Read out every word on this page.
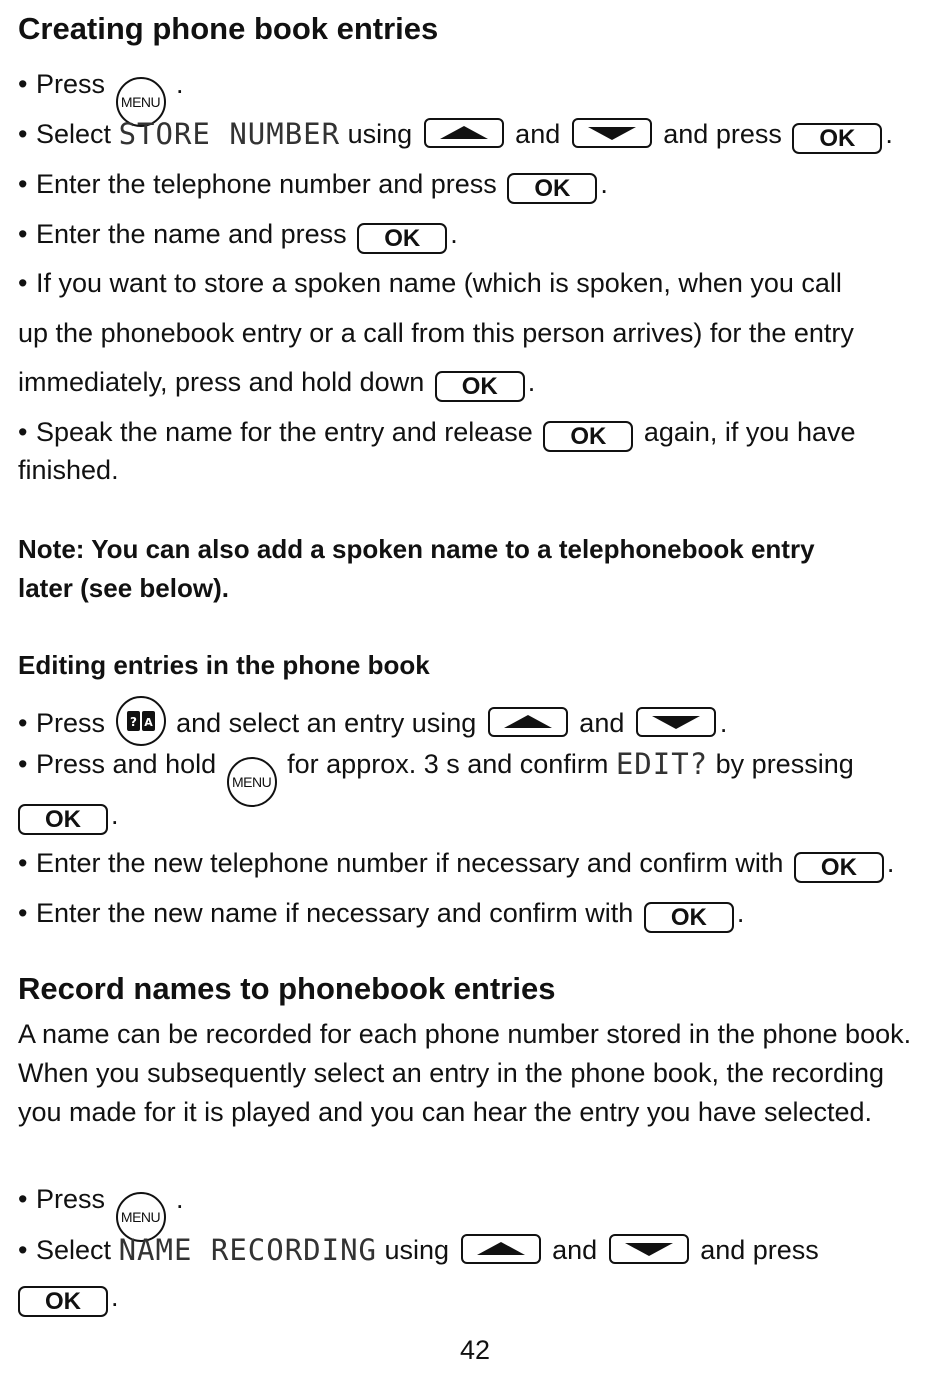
Creating phone book entries
• Press MENU .
• Select STORE NUMBER using	and	and press OK .
• Enter the telephone number and press OK .
• Enter the name and press OK .
• If you want to store a spoken name (which is spoken, when you call
up the phonebook entry or a call from this person arrives) for the entry
immediately, press and hold down OK .
• Speak the name for the entry and release OK again, if you have
finished.
Note: You can also add a spoken name to a telephonebook entry
later (see below).
Editing entries in the phone book
• Press ? A and select an entry using	and	.
• Press and hold MENU for approx. 3 s and confirm EDIT? by pressing
OK .
• Enter the new telephone number if necessary and confirm with OK .
• Enter the new name if necessary and confirm with OK .
Record names to phonebook entries
A name can be recorded for each phone number stored in the phone book. When you subsequently select an entry in the phone book, the recording you made for it is played and you can hear the entry you have selected.
• Press MENU .
• Select NAME RECORDING using	and	and press
OK .
42
